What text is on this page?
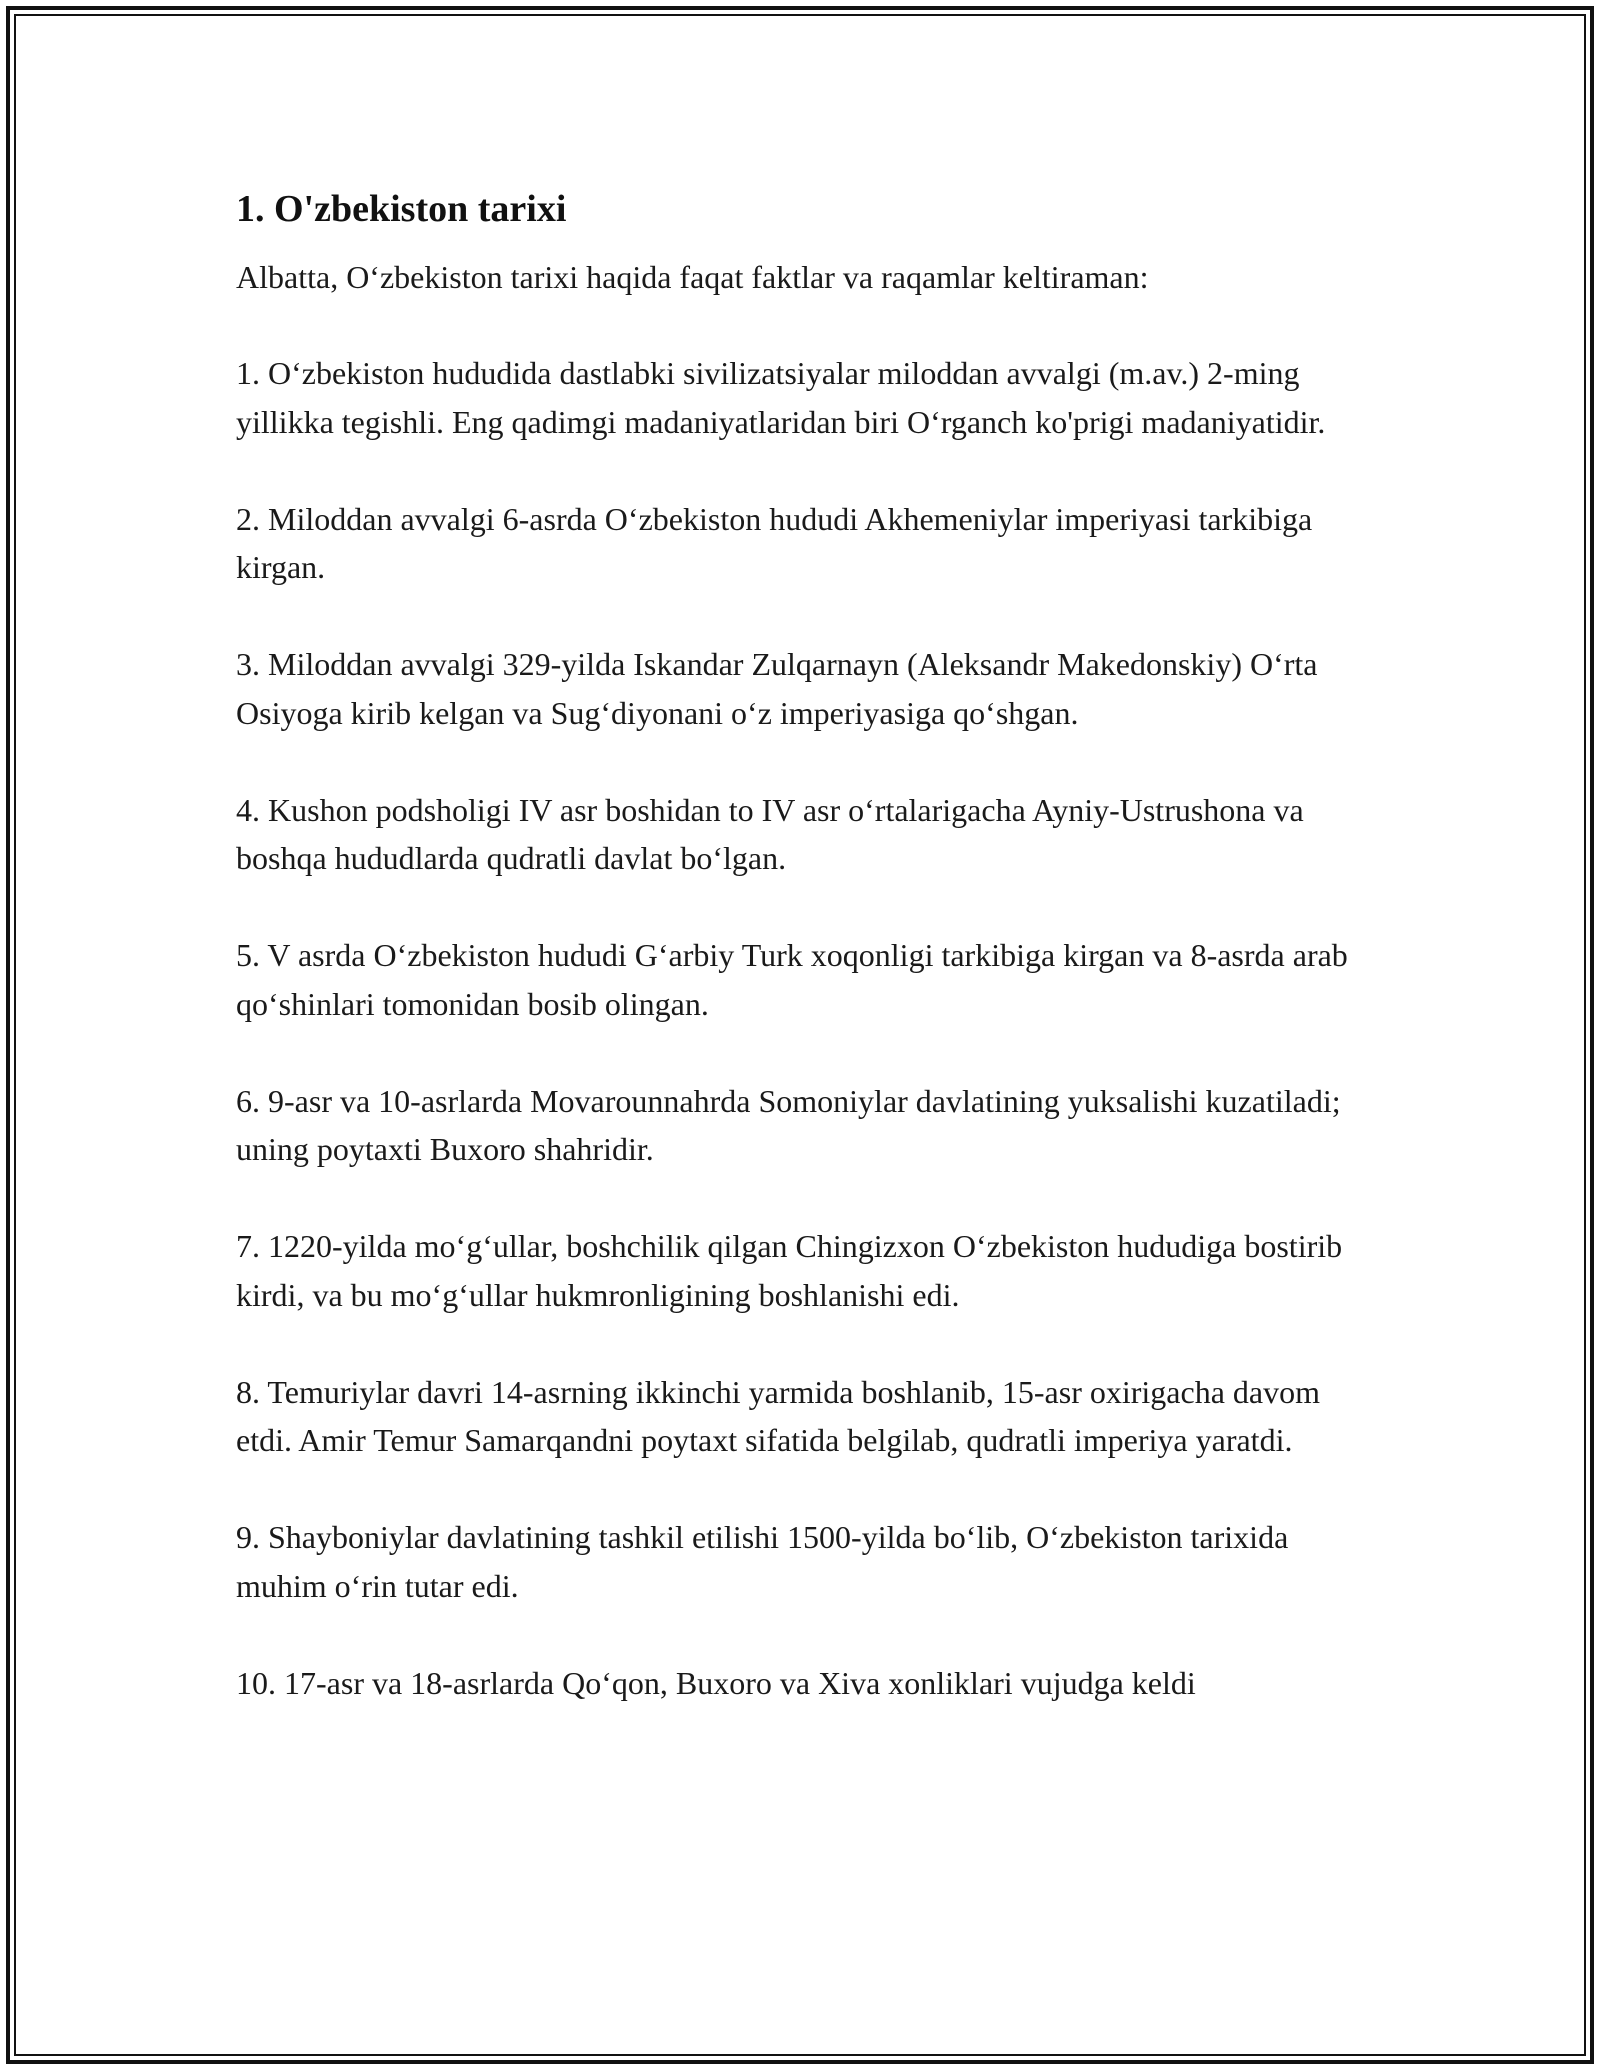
1. O'zbekiston tarixi

Albatta, Oʻzbekiston tarixi haqida faqat faktlar va raqamlar keltiraman:

1. Oʻzbekiston hududida dastlabki sivilizatsiyalar miloddan avvalgi (m.av.) 2-ming yillikka tegishli. Eng qadimgi madaniyatlaridan biri Oʻrganch ko'prigi madaniyatidir.

2. Miloddan avvalgi 6-asrda Oʻzbekiston hududi Akhemeniylar imperiyasi tarkibiga kirgan.

3. Miloddan avvalgi 329-yilda Iskandar Zulqarnayn (Aleksandr Makedonskiy) Oʻrta Osiyoga kirib kelgan va Sugʻdiyonani oʻz imperiyasiga qoʻshgan.

4. Kushon podsholigi IV asr boshidan to IV asr oʻrtalarigacha Ayniy-Ustrushona va boshqa hududlarda qudratli davlat boʻlgan.

5. V asrda Oʻzbekiston hududi Gʻarbiy Turk xoqonligi tarkibiga kirgan va 8-asrda arab qoʻshinlari tomonidan bosib olingan.

6. 9-asr va 10-asrlarda Movarounnahrda Somoniylar davlatining yuksalishi kuzatiladi; uning poytaxti Buxoro shahridir.

7. 1220-yilda moʻgʻullar, boshchilik qilgan Chingizxon Oʻzbekiston hududiga bostirib kirdi, va bu moʻgʻullar hukmronligining boshlanishi edi.

8. Temuriylar davri 14-asrning ikkinchi yarmida boshlanib, 15-asr oxirigacha davom etdi. Amir Temur Samarqandni poytaxt sifatida belgilab, qudratli imperiya yaratdi.

9. Shayboniylar davlatining tashkil etilishi 1500-yilda boʻlib, Oʻzbekiston tarixida muhim oʻrin tutar edi.

10. 17-asr va 18-asrlarda Qoʻqon, Buxoro va Xiva xonliklari vujudga keldi
